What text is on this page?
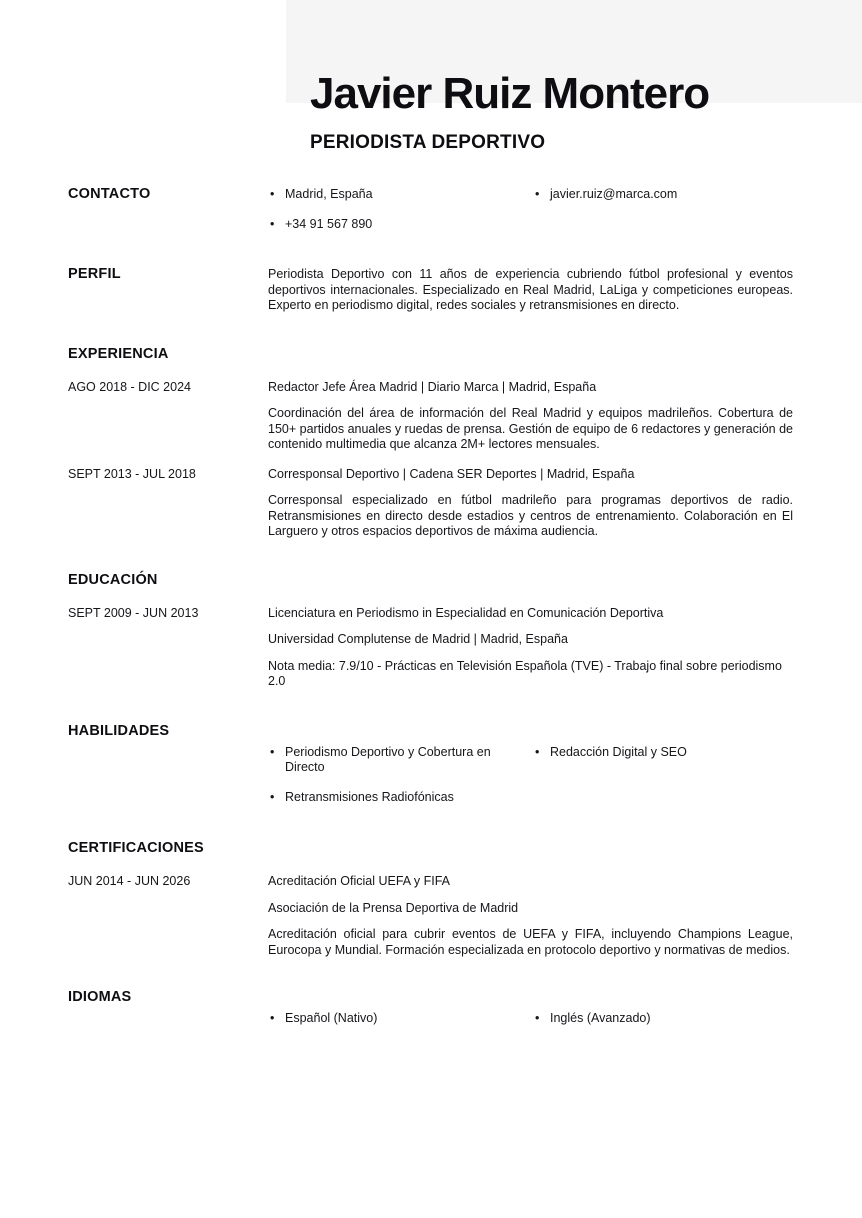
Javier Ruiz Montero
PERIODISTA DEPORTIVO
CONTACTO	• Madrid, España	• javier.ruiz@marca.com
• +34 91 567 890
PERFIL	Periodista Deportivo con 11 años de experiencia cubriendo fútbol profesional y eventos deportivos internacionales. Especializado en Real Madrid, LaLiga y competiciones europeas. Experto en periodismo digital, redes sociales y retransmisiones en directo.
EXPERIENCIA
AGO 2018 - DIC 2024	Redactor Jefe Área Madrid | Diario Marca | Madrid, España
Coordinación del área de información del Real Madrid y equipos madrileños. Cobertura de 150+ partidos anuales y ruedas de prensa. Gestión de equipo de 6 redactores y generación de contenido multimedia que alcanza 2M+ lectores mensuales.
SEPT 2013 - JUL 2018	Corresponsal Deportivo | Cadena SER Deportes | Madrid, España
Corresponsal especializado en fútbol madrileño para programas deportivos de radio. Retransmisiones en directo desde estadios y centros de entrenamiento. Colaboración en El Larguero y otros espacios deportivos de máxima audiencia.
EDUCACIÓN
SEPT 2009 - JUN 2013	Licenciatura en Periodismo in Especialidad en Comunicación Deportiva
Universidad Complutense de Madrid | Madrid, España
Nota media: 7.9/10 - Prácticas en Televisión Española (TVE) - Trabajo final sobre periodismo 2.0
HABILIDADES
• Periodismo Deportivo y Cobertura en Directo
• Redacción Digital y SEO
• Retransmisiones Radiofónicas
CERTIFICACIONES
JUN 2014 - JUN 2026	Acreditación Oficial UEFA y FIFA
Asociación de la Prensa Deportiva de Madrid
Acreditación oficial para cubrir eventos de UEFA y FIFA, incluyendo Champions League, Eurocopa y Mundial. Formación especializada en protocolo deportivo y normativas de medios.
IDIOMAS
• Español (Nativo)	• Inglés (Avanzado)
